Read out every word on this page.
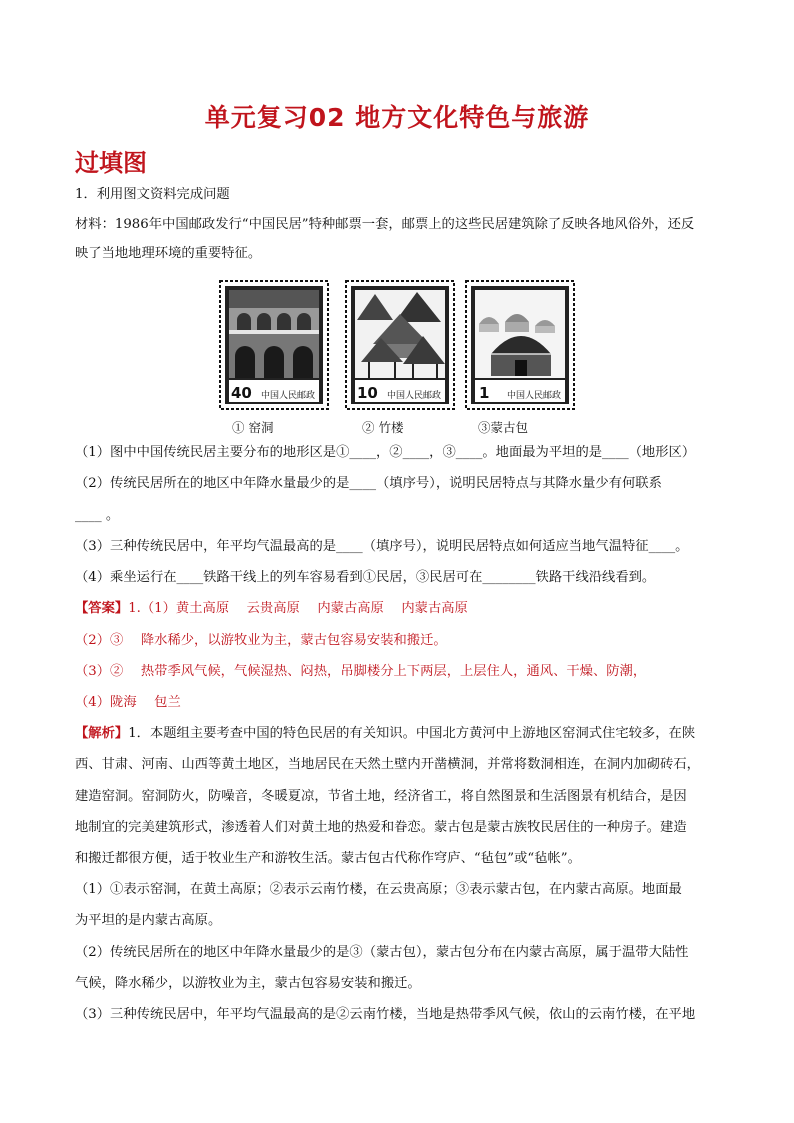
单元复习02 地方文化特色与旅游
过填图

1．利用图文资料完成问题

材料：1986年中国邮政发行“中国民居”特种邮票一套，邮票上的这些民居建筑除了反映各地风俗外，还反

映了当地地理环境的重要特征。

40 中国人民邮政	10 中国人民邮政	1 中国人民邮政
① 窑洞	② 竹楼	③蒙古包

（1）图中中国传统民居主要分布的地形区是①____，②____，③____。地面最为平坦的是____（地形区）

（2）传统民居所在的地区中年降水量最少的是____（填序号），说明民居特点与其降水量少有何联系

____ 。

（3）三种传统民居中，年平均气温最高的是____（填序号），说明民居特点如何适应当地气温特征____。

（4）乘坐运行在____铁路干线上的列车容易看到①民居，③民居可在________铁路干线沿线看到。

【答案】1.（1）黄土高原　 云贵高原　 内蒙古高原　 内蒙古高原

（2）③　 降水稀少，以游牧业为主，蒙古包容易安装和搬迁。

（3）②　 热带季风气候，气候湿热、闷热，吊脚楼分上下两层，上层住人，通风、干燥、防潮，

（4）陇海　 包兰

【解析】1．本题组主要考查中国的特色民居的有关知识。中国北方黄河中上游地区窑洞式住宅较多，在陕

西、甘肃、河南、山西等黄土地区，当地居民在天然土壁内开凿横洞，并常将数洞相连，在洞内加砌砖石，

建造窑洞。窑洞防火，防噪音，冬暖夏凉，节省土地，经济省工，将自然图景和生活图景有机结合，是因

地制宜的完美建筑形式，渗透着人们对黄土地的热爱和眷恋。蒙古包是蒙古族牧民居住的一种房子。建造

和搬迁都很方便，适于牧业生产和游牧生活。蒙古包古代称作穹庐、“毡包”或“毡帐”。

（1）①表示窑洞，在黄土高原；②表示云南竹楼，在云贵高原；③表示蒙古包，在内蒙古高原。地面最

为平坦的是内蒙古高原。

（2）传统民居所在的地区中年降水量最少的是③（蒙古包），蒙古包分布在内蒙古高原，属于温带大陆性

气候，降水稀少，以游牧业为主，蒙古包容易安装和搬迁。

（3）三种传统民居中，年平均气温最高的是②云南竹楼，当地是热带季风气候，依山的云南竹楼，在平地
